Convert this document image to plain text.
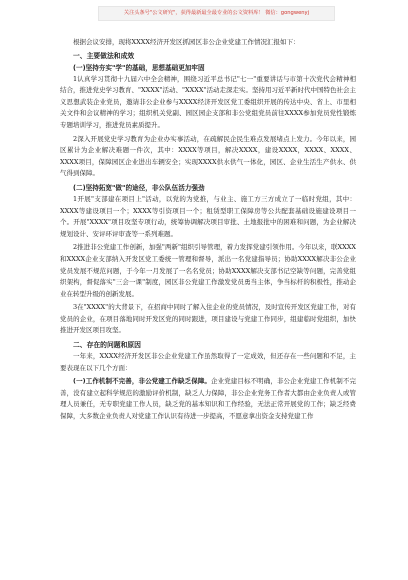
关注头条号"公文研究"，获得最新最全最专业的公文资料库！ 微信：gongwenyj

根据会议安排，现将XXXX经济开发区抓园区非公企业党建工作情况汇报如下：

一、主要做法和成效

(一)坚持夯实"学"的基础，思想基础更加牢固

1认真学习贯彻十九届六中全会精神，围绕习近平总书记"七一"重要讲话与市第十次党代会精神相结合，推进党史学习教育、"XXXX"活动、"XXXX"活动走深走实。坚持用习近平新时代中国特色社会主义思想武装企业党员，邀请非公企业参与XXXX经济开发区党工委组织开展的传达中央、省上、市里相关文件和会议精神的学习；组织机关党副、园区园企支部和非公党组党员前往XXXX参加党员党性锻炼专题培训学习，推进党员素质提升。

2深入开展党史学习教育为企业办实事活动，在疏解民企民生难点发展堵点上发力。今年以来，园区累计为企业解决难题一件次，其中：XXXX等项目，解决XXXX，建设XXXX，XXXX、XXXX、XXXX项目，保障园区企业进出车辆安全；实现XXXX供水供气一体化，园区、企业生活生产供水、供气得到保障。

(二)坚持拓宽"做"的途径，非公队伍活力强劲

1开展"支部建在项目上"活动，以党的为党推，与业主、施工方三方成立了一临时党组，其中：XXXX等建设项目一个；XXXX等引资项目一个；租赁型职工保障房等公共配套基础设施建设项目一个。开展"XXXX"项目攻坚专项行动，统筹协调解决项目审批、土地报批中的困难和问题，为企业解决规划设计、安评环评审查等一系列难题。

2推进非公党建工作创新，加强"两新"组织引导管理，着力发挥党建引领作用。今年以来，联XXXX和XXXX企业支部纳入开发区党工委统一管理和督导，派出一名党建指导员；协助XXXX解决非公企业党员发展不规范问题，于今年一月发展了一名名党员；协助XXXX解决支部书记空缺等问题，完善党组织架构，督促落实"三会一课"制度，园区非公党建工作激发党员勇当主体，争当标杆的积极性，推动企业在转型升级的创新发展。

3在"XXXX"的大背景下，在招商中同时了解入住企业的党员情况，及时宣传开发区党建工作，对有党员的企业，在项目落地同时开发区党的同时跟进，项目建设与党建工作同步，组建临时党组织，加快推进开发区项目攻坚。

二、存在的问题和原因

一年来，XXXX经济开发区非公企业党建工作虽然取得了一定成效，但还存在一些问题和不足，主要表现在以下几个方面：

(一)工作机制不完善，非公党建工作缺乏保障。企业党建目标不明确，非公企业党建工作机制不完善，没有建立起科学规范的激励评价机制，缺乏人力保障，非公企业党务工作者大都由企业负责人或管理人员兼任，无专职党建工作人员，缺乏党的基本知识和工作经验，无法正常开展党的工作；缺乏经费保障，大多数企业负责人对党建工作认识有待进一步提高，不愿意拿出资金支持党建工作
